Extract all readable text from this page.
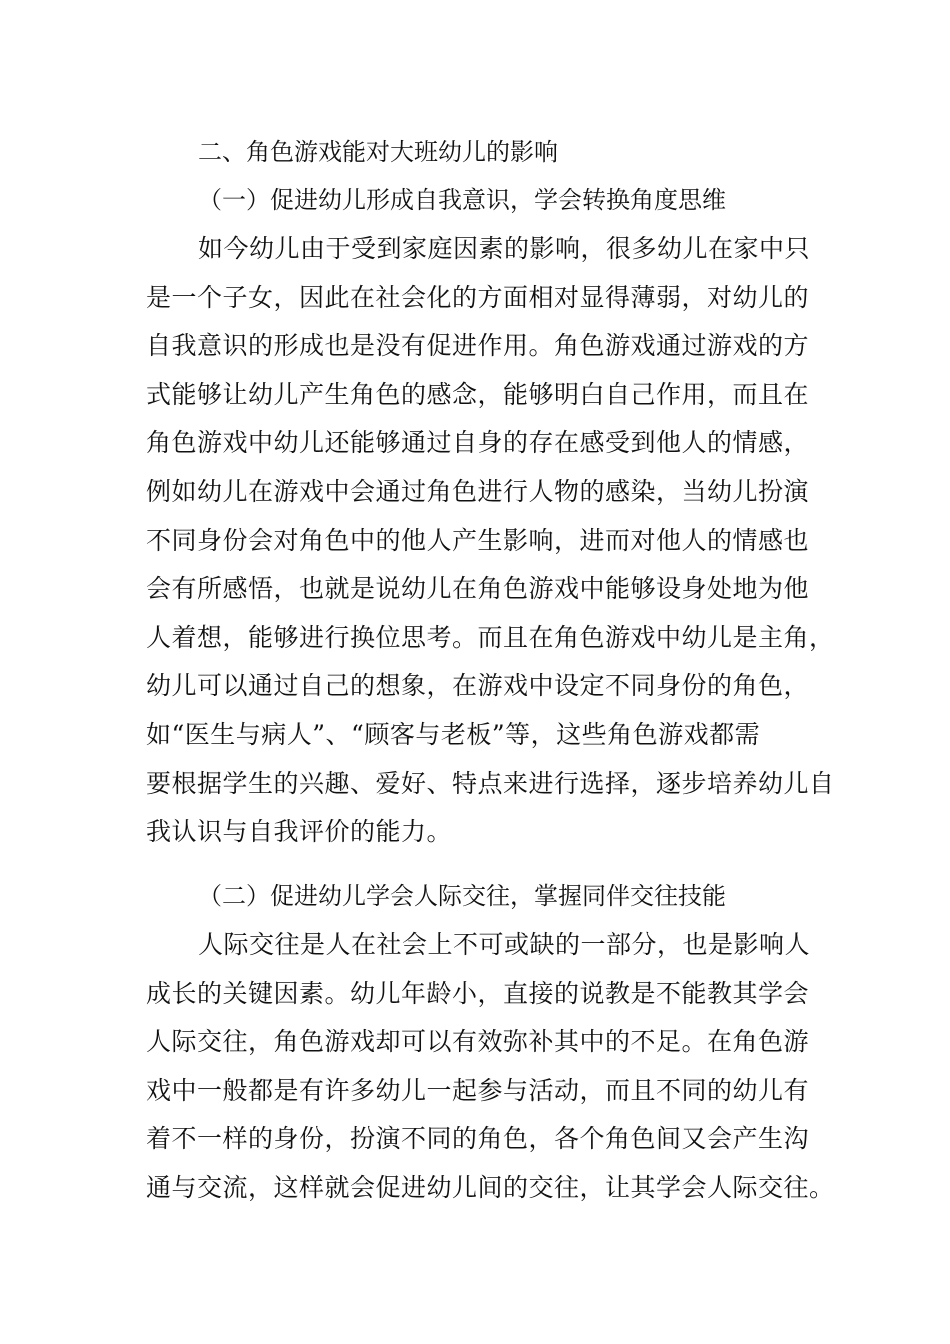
二、角色游戏能对大班幼儿的影响
（一）促进幼儿形成自我意识，学会转换角度思维
如今幼儿由于受到家庭因素的影响，很多幼儿在家中只
是一个子女，因此在社会化的方面相对显得薄弱，对幼儿的
自我意识的形成也是没有促进作用。角色游戏通过游戏的方
式能够让幼儿产生角色的感念，能够明白自己作用，而且在
角色游戏中幼儿还能够通过自身的存在感受到他人的情感，
例如幼儿在游戏中会通过角色进行人物的感染，当幼儿扮演
不同身份会对角色中的他人产生影响，进而对他人的情感也
会有所感悟，也就是说幼儿在角色游戏中能够设身处地为他
人着想，能够进行换位思考。而且在角色游戏中幼儿是主角，
幼儿可以通过自己的想象，在游戏中设定不同身份的角色，
如“医生与病人”、“顾客与老板”等，这些角色游戏都需
要根据学生的兴趣、爱好、特点来进行选择，逐步培养幼儿自
我认识与自我评价的能力。
（二）促进幼儿学会人际交往，掌握同伴交往技能
人际交往是人在社会上不可或缺的一部分，也是影响人
成长的关键因素。幼儿年龄小，直接的说教是不能教其学会
人际交往，角色游戏却可以有效弥补其中的不足。在角色游
戏中一般都是有许多幼儿一起参与活动，而且不同的幼儿有
着不一样的身份，扮演不同的角色，各个角色间又会产生沟
通与交流，这样就会促进幼儿间的交往，让其学会人际交往。
